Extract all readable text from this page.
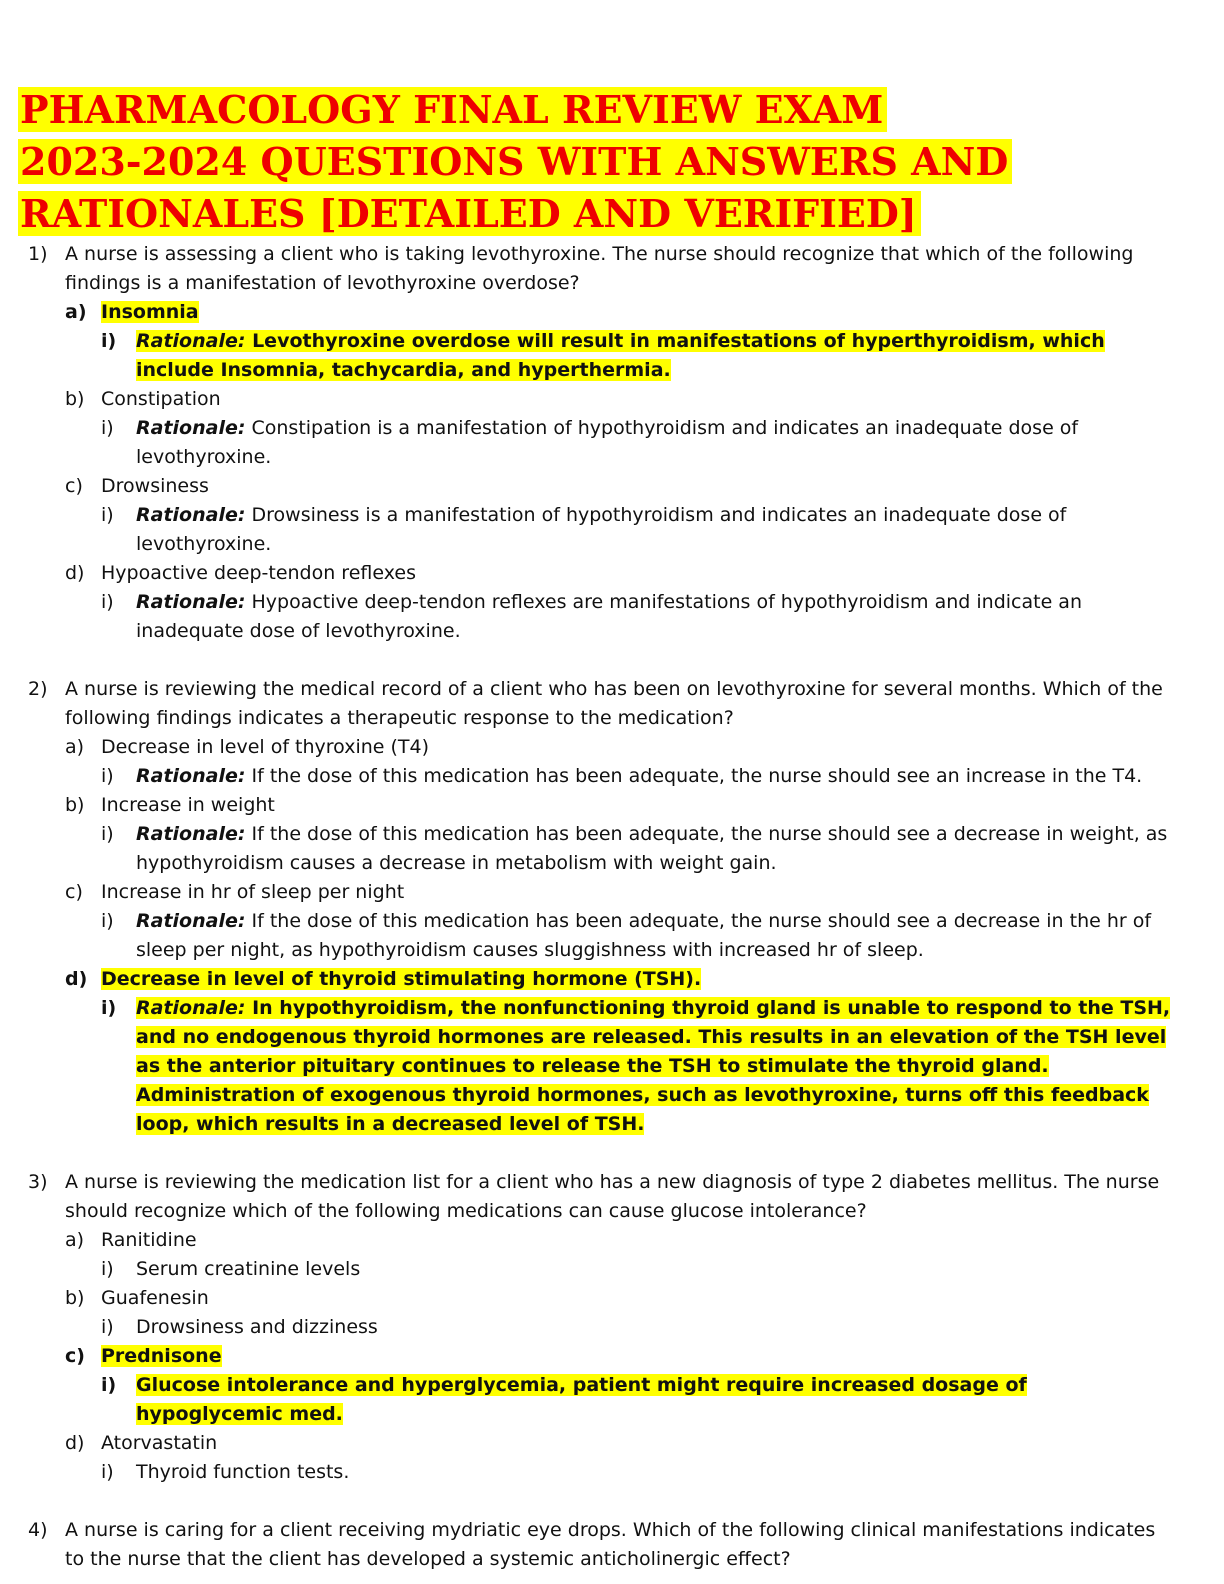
PHARMACOLOGY FINAL REVIEW EXAM
2023-2024 QUESTIONS WITH ANSWERS AND
RATIONALES [DETAILED AND VERIFIED]
1) A nurse is assessing a client who is taking levothyroxine. The nurse should recognize that which of the following findings is a manifestation of levothyroxine overdose?
a) Insomnia
i) Rationale: Levothyroxine overdose will result in manifestations of hyperthyroidism, which include Insomnia, tachycardia, and hyperthermia.
b) Constipation
i) Rationale: Constipation is a manifestation of hypothyroidism and indicates an inadequate dose of levothyroxine.
c) Drowsiness
i) Rationale: Drowsiness is a manifestation of hypothyroidism and indicates an inadequate dose of levothyroxine.
d) Hypoactive deep-tendon reflexes
i) Rationale: Hypoactive deep-tendon reflexes are manifestations of hypothyroidism and indicate an inadequate dose of levothyroxine.
2) A nurse is reviewing the medical record of a client who has been on levothyroxine for several months. Which of the following findings indicates a therapeutic response to the medication?
a) Decrease in level of thyroxine (T4)
i) Rationale: If the dose of this medication has been adequate, the nurse should see an increase in the T4.
b) Increase in weight
i) Rationale: If the dose of this medication has been adequate, the nurse should see a decrease in weight, as hypothyroidism causes a decrease in metabolism with weight gain.
c) Increase in hr of sleep per night
i) Rationale: If the dose of this medication has been adequate, the nurse should see a decrease in the hr of sleep per night, as hypothyroidism causes sluggishness with increased hr of sleep.
d) Decrease in level of thyroid stimulating hormone (TSH).
i) Rationale: In hypothyroidism, the nonfunctioning thyroid gland is unable to respond to the TSH, and no endogenous thyroid hormones are released. This results in an elevation of the TSH level as the anterior pituitary continues to release the TSH to stimulate the thyroid gland. Administration of exogenous thyroid hormones, such as levothyroxine, turns off this feedback loop, which results in a decreased level of TSH.
3) A nurse is reviewing the medication list for a client who has a new diagnosis of type 2 diabetes mellitus. The nurse should recognize which of the following medications can cause glucose intolerance?
a) Ranitidine
i) Serum creatinine levels
b) Guafenesin
i) Drowsiness and dizziness
c) Prednisone
i) Glucose intolerance and hyperglycemia, patient might require increased dosage of hypoglycemic med.
d) Atorvastatin
i) Thyroid function tests.
4) A nurse is caring for a client receiving mydriatic eye drops. Which of the following clinical manifestations indicates to the nurse that the client has developed a systemic anticholinergic effect?
